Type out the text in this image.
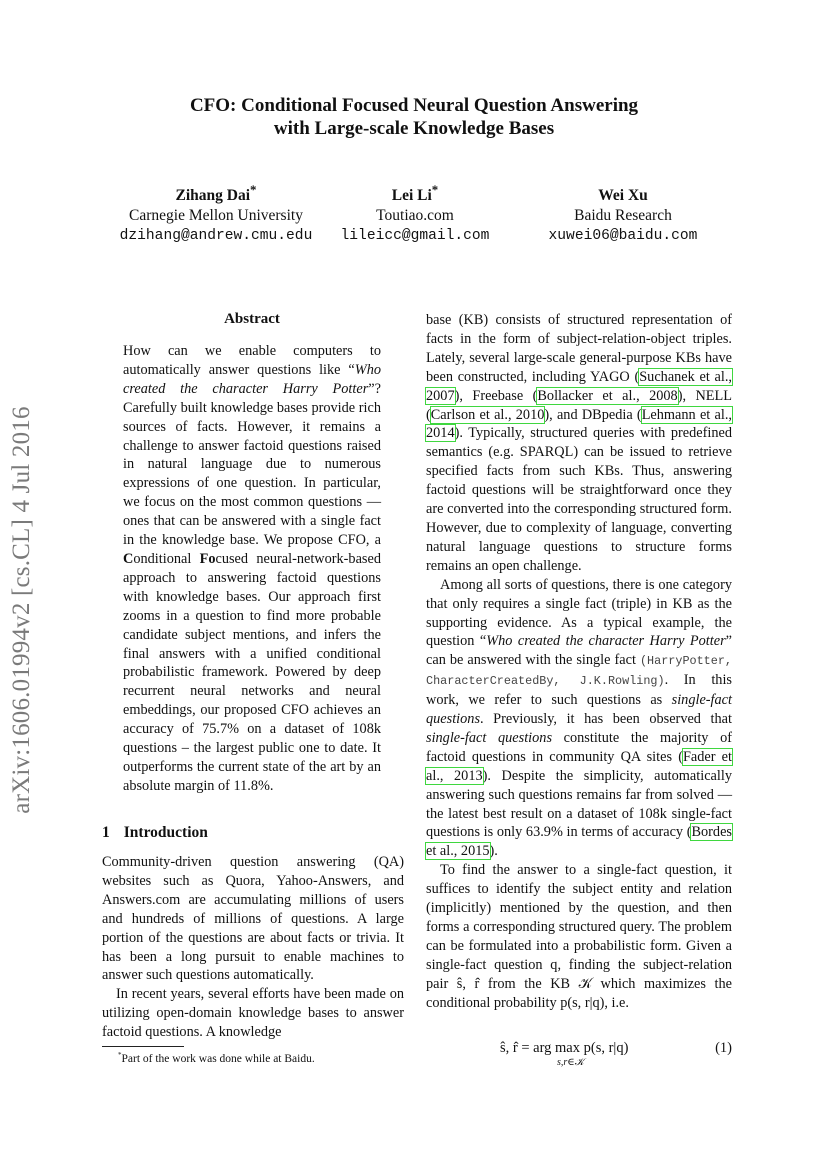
CFO: Conditional Focused Neural Question Answering
with Large-scale Knowledge Bases
Zihang Dai*
Carnegie Mellon University
dzihang@andrew.cmu.edu
Lei Li*
Toutiao.com
lileicc@gmail.com
Wei Xu
Baidu Research
xuwei06@baidu.com
arXiv:1606.01994v2 [cs.CL] 4 Jul 2016
Abstract

How can we enable computers to automatically answer questions like “Who created the character Harry Potter”? Carefully built knowledge bases provide rich sources of facts. However, it remains a challenge to answer factoid questions raised in natural language due to numerous expressions of one question. In particular, we focus on the most common questions — ones that can be answered with a single fact in the knowledge base. We propose CFO, a Conditional Focused neural-network-based approach to answering factoid questions with knowledge bases. Our approach first zooms in a question to find more probable candidate subject mentions, and infers the final answers with a unified conditional probabilistic framework. Powered by deep recurrent neural networks and neural embeddings, our proposed CFO achieves an accuracy of 75.7% on a dataset of 108k questions – the largest public one to date. It outperforms the current state of the art by an absolute margin of 11.8%.

1 Introduction

Community-driven question answering (QA) websites such as Quora, Yahoo-Answers, and Answers.com are accumulating millions of users and hundreds of millions of questions. A large portion of the questions are about facts or trivia. It has been a long pursuit to enable machines to answer such questions automatically.

In recent years, several efforts have been made on utilizing open-domain knowledge bases to answer factoid questions. A knowledge

*Part of the work was done while at Baidu.

base (KB) consists of structured representation of facts in the form of subject-relation-object triples. Lately, several large-scale general-purpose KBs have been constructed, including YAGO (Suchanek et al., 2007), Freebase (Bollacker et al., 2008), NELL (Carlson et al., 2010), and DBpedia (Lehmann et al., 2014). Typically, structured queries with predefined semantics (e.g. SPARQL) can be issued to retrieve specified facts from such KBs. Thus, answering factoid questions will be straightforward once they are converted into the corresponding structured form. However, due to complexity of language, converting natural language questions to structure forms remains an open challenge.

Among all sorts of questions, there is one category that only requires a single fact (triple) in KB as the supporting evidence. As a typical example, the question “Who created the character Harry Potter” can be answered with the single fact (HarryPotter, CharacterCreatedBy, J.K.Rowling). In this work, we refer to such questions as single-fact questions. Previously, it has been observed that single-fact questions constitute the majority of factoid questions in community QA sites (Fader et al., 2013). Despite the simplicity, automatically answering such questions remains far from solved — the latest best result on a dataset of 108k single-fact questions is only 63.9% in terms of accuracy (Bordes et al., 2015).

To find the answer to a single-fact question, it suffices to identify the subject entity and relation (implicitly) mentioned by the question, and then forms a corresponding structured query. The problem can be formulated into a probabilistic form. Given a single-fact question q, finding the subject-relation pair ŝ, r̂ from the KB 𝒦 which maximizes the conditional probability p(s, r|q), i.e.

ŝ, r̂ = arg max p(s, r|q)
s,r∈𝒦
(1)
